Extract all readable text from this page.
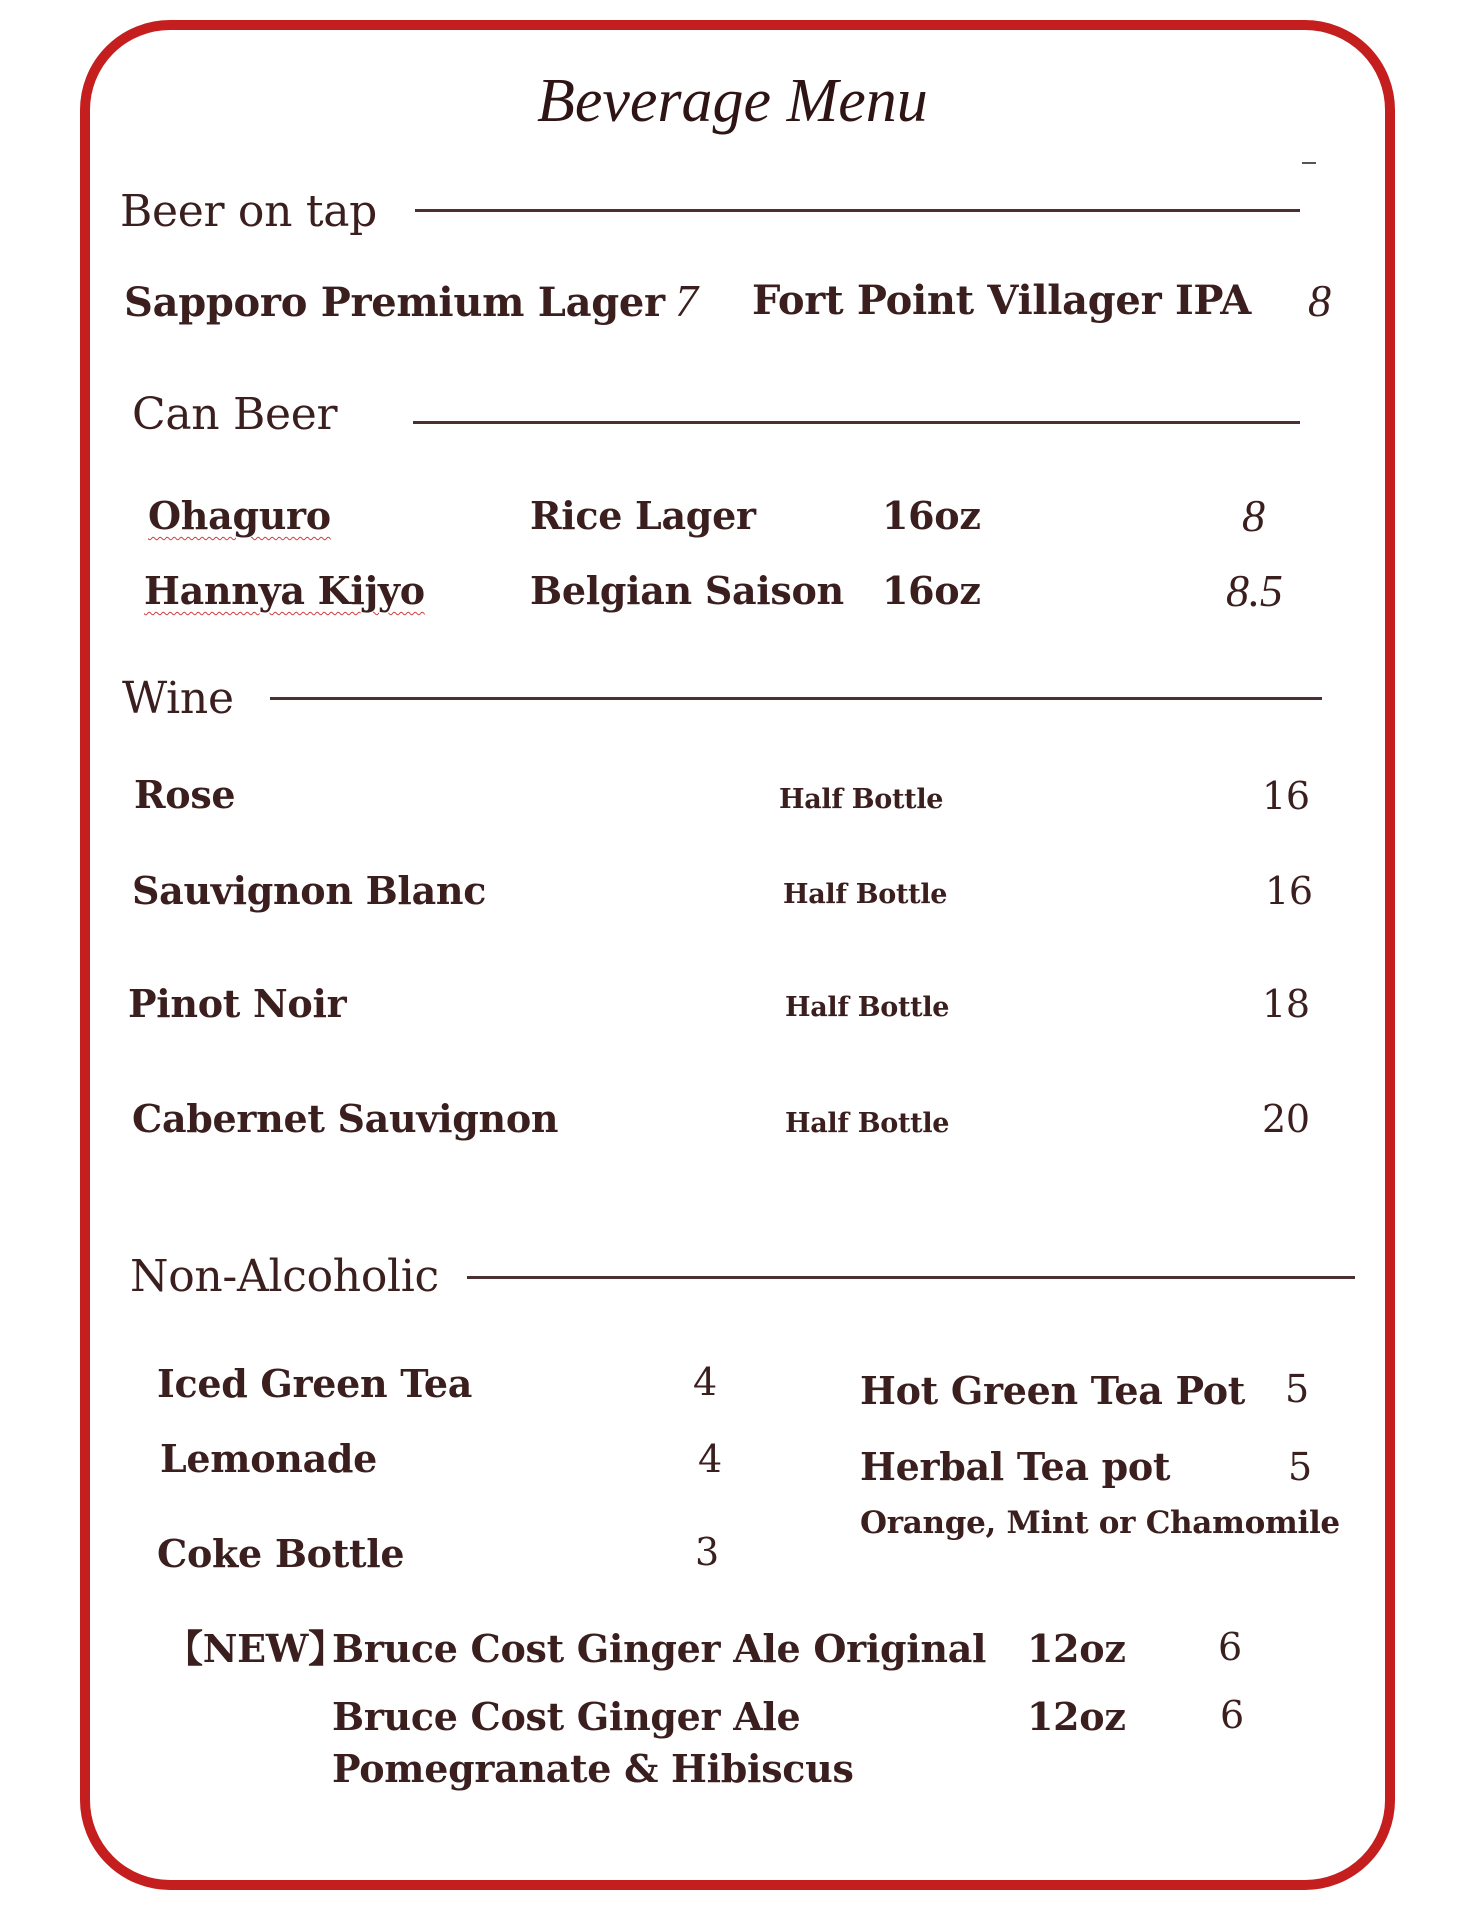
Beverage Menu
Beer on tap
Sapporo Premium Lager 7 Fort Point Villager IPA 8
Can Beer
Ohaguro	Rice Lager	16oz	8
Hannya Kijyo	Belgian Saison 16oz	8.5
Wine
Rose	Half Bottle	16
Sauvignon Blanc	Half Bottle	16
Pinot Noir	Half Bottle	18
Cabernet Sauvignon	Half Bottle	20
Non-Alcoholic
Iced Green Tea	4
Lemonade	4
Coke Bottle	3
Hot Green Tea Pot 5
Herbal Tea pot	5
Orange, Mint or Chamomile
【NEW】
Bruce Cost Ginger Ale Original 12oz 6
Bruce Cost Ginger Ale
Pomegranate & Hibiscus
12oz 6
